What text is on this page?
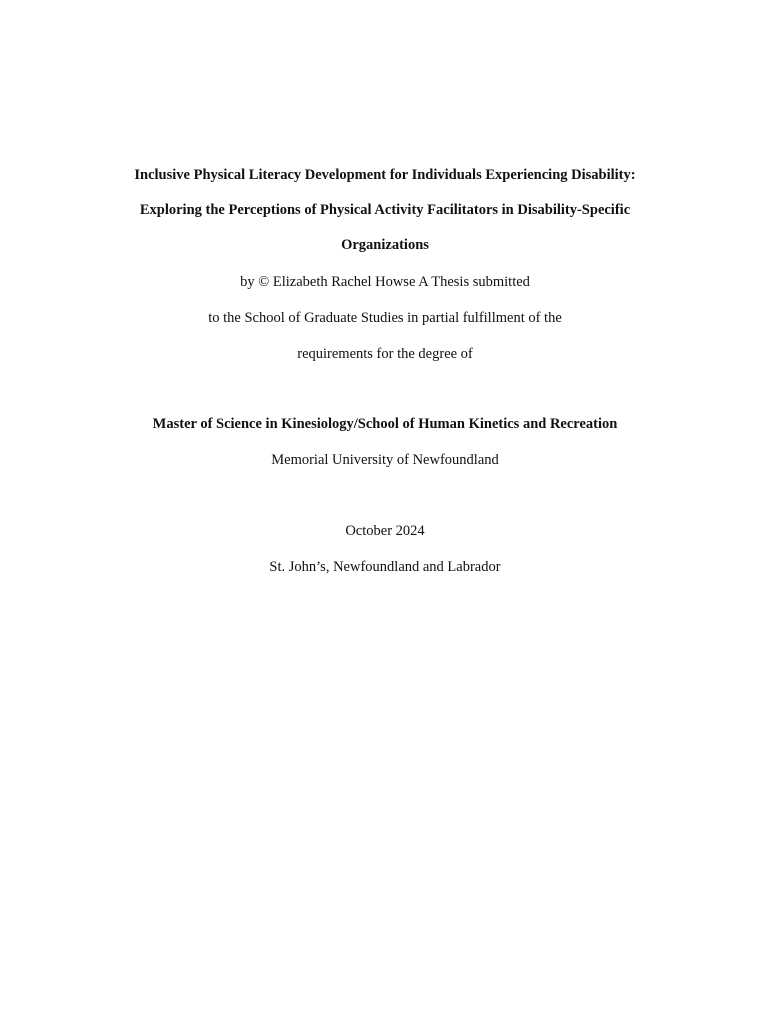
Inclusive Physical Literacy Development for Individuals Experiencing Disability:
Exploring the Perceptions of Physical Activity Facilitators in Disability-Specific
Organizations
by © Elizabeth Rachel Howse A Thesis submitted
to the School of Graduate Studies in partial fulfillment of the
requirements for the degree of
Master of Science in Kinesiology/School of Human Kinetics and Recreation
Memorial University of Newfoundland
October 2024
St. John’s, Newfoundland and Labrador
